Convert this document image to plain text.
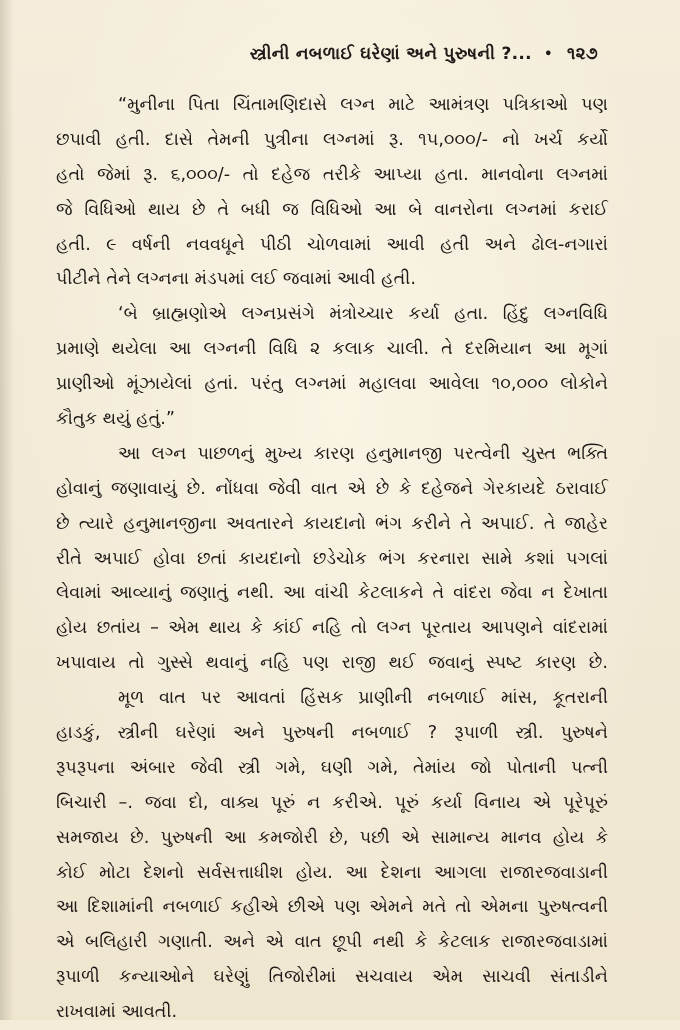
સ્ત્રીની નબળાઈ ઘરેણાં અને પુરુષની ?... • ૧૨૭
“મુનીના પિતા ચિંતામણિદાસે લગ્ન માટે આમંત્રણ પત્રિકાઓ પણ
છપાવી હતી. દાસે તેમની પુત્રીના લગ્નમાં રૂ. ૧૫,૦૦૦/- નો ખર્ચ કર્યો
હતો જેમાં રૂ. ૬,૦૦૦/- તો દહેજ તરીકે આપ્યા હતા. માનવોના લગ્નમાં
જે વિધિઓ થાય છે તે બધી જ વિધિઓ આ બે વાનરોના લગ્નમાં કરાઈ
હતી. ૯ વર્ષની નવવધૂને પીઠી ચોળવામાં આવી હતી અને ઢોલ-નગારાં
પીટીને તેને લગ્નના મંડપમાં લઈ જવામાં આવી હતી.
‘બે બ્રાહ્મણોએ લગ્નપ્રસંગે મંત્રોચ્ચાર કર્યા હતા. હિંદુ લગ્નવિધિ
પ્રમાણે થયેલા આ લગ્નની વિધિ ૨ કલાક ચાલી. તે દરમિયાન આ મૂગાં
પ્રાણીઓ મૂંઝાયેલાં હતાં. પરંતુ લગ્નમાં મહાલવા આવેલા ૧૦,૦૦૦ લોકોને
કૌતુક થયું હતું.”
આ લગ્ન પાછળનું મુખ્ય કારણ હનુમાનજી પરત્વેની ચુસ્ત ભક્તિ
હોવાનું જણાવાયું છે. નોંધવા જેવી વાત એ છે કે દહેજને ગેરકાયદે ઠરાવાઈ
છે ત્યારે હનુમાનજીના અવતારને કાયદાનો ભંગ કરીને તે અપાઈ. તે જાહેર
રીતે અપાઈ હોવા છતાં કાયદાનો છડેચોક ભંગ કરનારા સામે કશાં પગલાં
લેવામાં આવ્યાનું જણાતું નથી. આ વાંચી કેટલાકને તે વાંદરા જેવા ન દેખાતા
હોય છતાંય – એમ થાય કે કાંઈ નહિ તો લગ્ન પૂરતાય આપણને વાંદરામાં
ખપાવાય તો ગુસ્સે થવાનું નહિ પણ રાજી થઈ જવાનું સ્પષ્ટ કારણ છે.
મૂળ વાત પર આવતાં હિંસક પ્રાણીની નબળાઈ માંસ, કૂતરાની
હાડકું, સ્ત્રીની ઘરેણાં અને પુરુષની નબળાઈ ? રૂપાળી સ્ત્રી. પુરુષને
રૂપરૂપના અંબાર જેવી સ્ત્રી ગમે, ઘણી ગમે, તેમાંય જો પોતાની પત્ની
બિચારી –. જવા દો, વાક્ય પૂરું ન કરીએ. પૂરું કર્યા વિનાય એ પૂરેપૂરું
સમજાય છે. પુરુષની આ કમજોરી છે, પછી એ સામાન્ય માનવ હોય કે
કોઈ મોટા દેશનો સર્વસત્તાધીશ હોય. આ દેશના આગલા રાજારજવાડાની
આ દિશામાંની નબળાઈ કહીએ છીએ પણ એમને મતે તો એમના પુરુષત્વની
એ બલિહારી ગણાતી. અને એ વાત છૂપી નથી કે કેટલાક રાજારજવાડામાં
રૂપાળી કન્યાઓને ઘરેણું તિજોરીમાં સચવાય એમ સાચવી સંતાડીને
રાખવામાં આવતી.
